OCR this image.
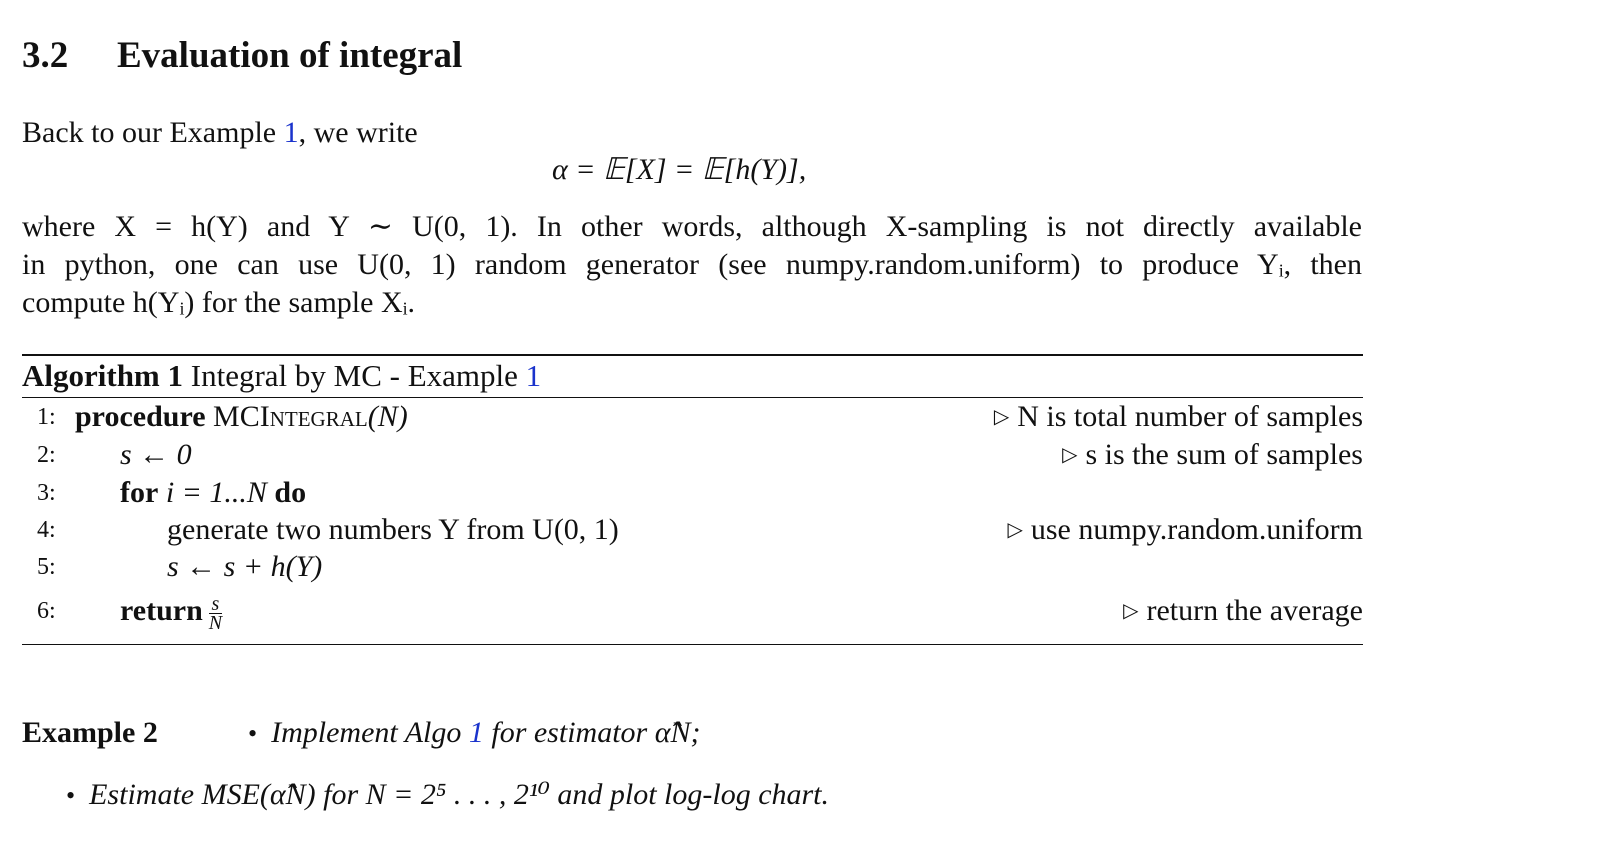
3.2 Evaluation of integral
Back to our Example 1, we write
α = 𝔼[X] = 𝔼[h(Y)],
where X = h(Y) and Y ∼ U(0, 1). In other words, although X-sampling is not directly available
in python, one can use U(0, 1) random generator (see numpy.random.uniform) to produce Yᵢ, then
compute h(Yᵢ) for the sample Xᵢ.
Algorithm 1 Integral by MC - Example 1
1: procedure MCIntegral(N)	▷ N is total number of samples
2: s ← 0	▷ s is the sum of samples
3: for i = 1...N do
4:	generate two numbers Y from U(0, 1)	▷ use numpy.random.uniform
5:	s ← s + h(Y)
6: return $\frac{s}{N}$	▷ return the average
Example 2	• Implement Algo 1 for estimator α̂N;
• Estimate MSE(α̂N) for N = 2⁵ . . . , 2¹⁰ and plot log-log chart.
